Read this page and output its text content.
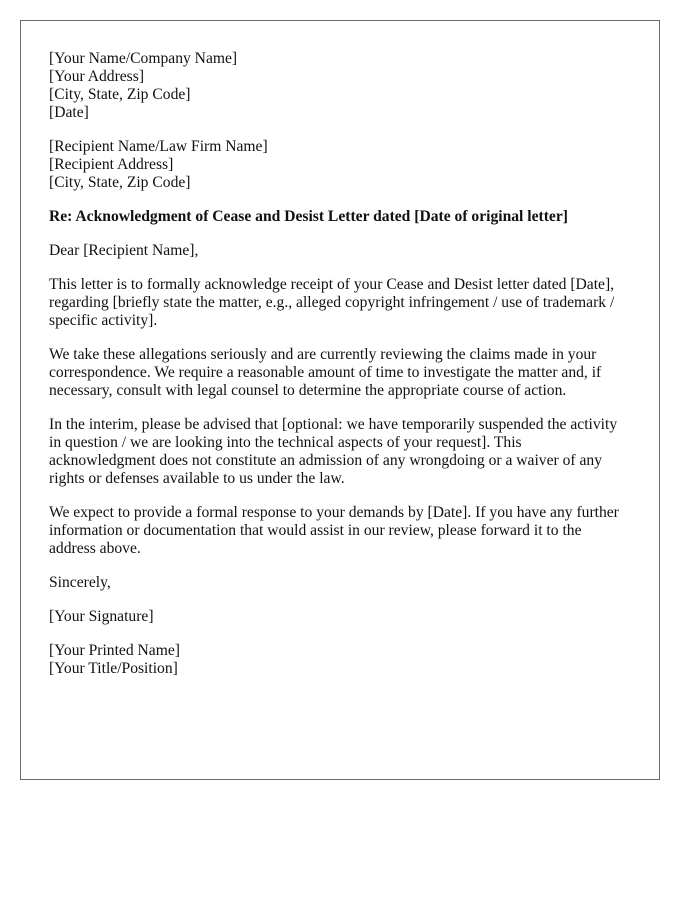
[Your Name/Company Name]
[Your Address]
[City, State, Zip Code]
[Date]
[Recipient Name/Law Firm Name]
[Recipient Address]
[City, State, Zip Code]
Re: Acknowledgment of Cease and Desist Letter dated [Date of original letter]
Dear [Recipient Name],

This letter is to formally acknowledge receipt of your Cease and Desist letter dated [Date], regarding [briefly state the matter, e.g., alleged copyright infringement / use of trademark / specific activity].

We take these allegations seriously and are currently reviewing the claims made in your correspondence. We require a reasonable amount of time to investigate the matter and, if necessary, consult with legal counsel to determine the appropriate course of action.

In the interim, please be advised that [optional: we have temporarily suspended the activity in question / we are looking into the technical aspects of your request]. This acknowledgment does not constitute an admission of any wrongdoing or a waiver of any rights or defenses available to us under the law.

We expect to provide a formal response to your demands by [Date]. If you have any further information or documentation that would assist in our review, please forward it to the address above.

Sincerely,
[Your Signature]
[Your Printed Name]
[Your Title/Position]
